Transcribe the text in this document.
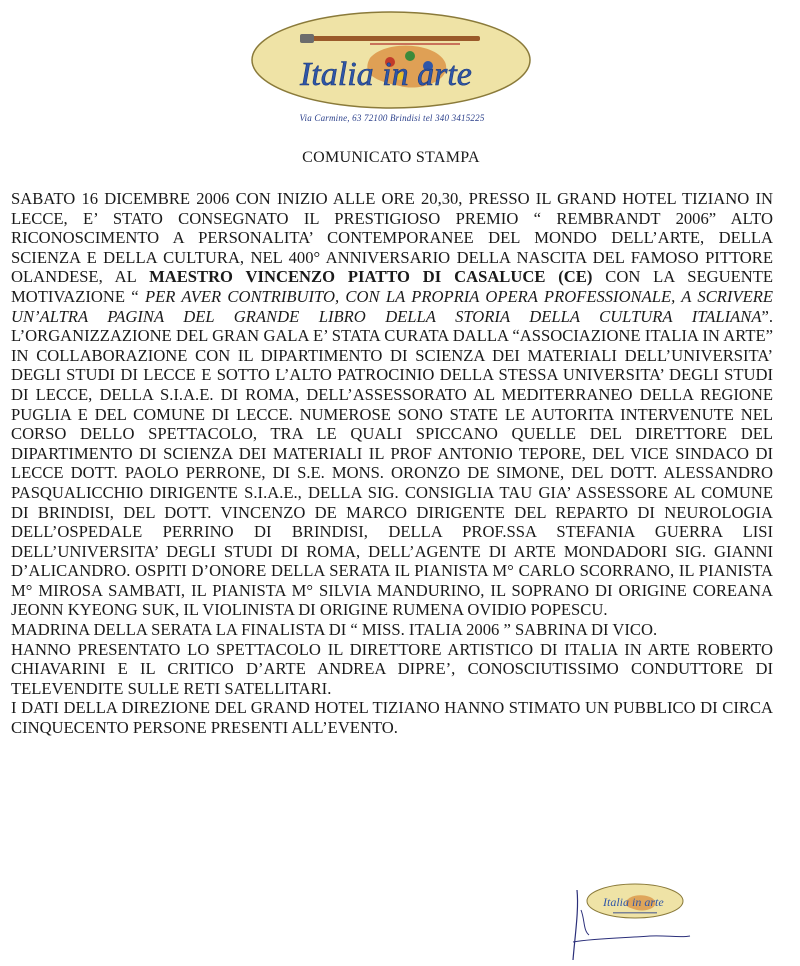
Italia in arte
Via Carmine, 63 72100 Brindisi tel 340 3415225
COMUNICATO STAMPA

SABATO 16 DICEMBRE 2006 CON INIZIO ALLE ORE 20,30, PRESSO IL GRAND HOTEL TIZIANO IN LECCE, E’ STATO CONSEGNATO IL PRESTIGIOSO PREMIO “ REMBRANDT 2006” ALTO RICONOSCIMENTO A PERSONALITA’ CONTEMPORANEE DEL MONDO DELL’ARTE, DELLA SCIENZA E DELLA CULTURA, NEL 400° ANNIVERSARIO DELLA NASCITA DEL FAMOSO PITTORE OLANDESE, AL MAESTRO VINCENZO PIATTO DI CASALUCE (CE) CON LA SEGUENTE MOTIVAZIONE “ PER AVER CONTRIBUITO, CON LA PROPRIA OPERA PROFESSIONALE, A SCRIVERE UN’ALTRA PAGINA DEL GRANDE LIBRO DELLA STORIA DELLA CULTURA ITALIANA”. L’ORGANIZZAZIONE DEL GRAN GALA E’ STATA CURATA DALLA “ASSOCIAZIONE ITALIA IN ARTE” IN COLLABORAZIONE CON IL DIPARTIMENTO DI SCIENZA DEI MATERIALI DELL’UNIVERSITA’ DEGLI STUDI DI LECCE E SOTTO L’ALTO PATROCINIO DELLA STESSA UNIVERSITA’ DEGLI STUDI DI LECCE, DELLA S.I.A.E. DI ROMA, DELL’ASSESSORATO AL MEDITERRANEO DELLA REGIONE PUGLIA E DEL COMUNE DI LECCE. NUMEROSE SONO STATE LE AUTORITA INTERVENUTE NEL CORSO DELLO SPETTACOLO, TRA LE QUALI SPICCANO QUELLE DEL DIRETTORE DEL DIPARTIMENTO DI SCIENZA DEI MATERIALI IL PROF ANTONIO TEPORE, DEL VICE SINDACO DI LECCE DOTT. PAOLO PERRONE, DI S.E. MONS. ORONZO DE SIMONE, DEL DOTT. ALESSANDRO PASQUALICCHIO DIRIGENTE S.I.A.E., DELLA SIG. CONSIGLIA TAU GIA’ ASSESSORE AL COMUNE DI BRINDISI, DEL DOTT. VINCENZO DE MARCO DIRIGENTE DEL REPARTO DI NEUROLOGIA DELL’OSPEDALE PERRINO DI BRINDISI, DELLA PROF.SSA STEFANIA GUERRA LISI DELL’UNIVERSITA’ DEGLI STUDI DI ROMA, DELL’AGENTE DI ARTE MONDADORI SIG. GIANNI D’ALICANDRO. OSPITI D’ONORE DELLA SERATA IL PIANISTA M° CARLO SCORRANO, IL PIANISTA M° MIROSA SAMBATI, IL PIANISTA M° SILVIA MANDURINO, IL SOPRANO DI ORIGINE COREANA JEONN KYEONG SUK, IL VIOLINISTA DI ORIGINE RUMENA OVIDIO POPESCU.

MADRINA DELLA SERATA LA FINALISTA DI “ MISS. ITALIA 2006 ” SABRINA DI VICO.

HANNO PRESENTATO LO SPETTACOLO IL DIRETTORE ARTISTICO DI ITALIA IN ARTE ROBERTO CHIAVARINI E IL CRITICO D’ARTE ANDREA DIPRE’, CONOSCIUTISSIMO CONDUTTORE DI TELEVENDITE SULLE RETI SATELLITARI.

I DATI DELLA DIREZIONE DEL GRAND HOTEL TIZIANO HANNO STIMATO UN PUBBLICO DI CIRCA CINQUECENTO PERSONE PRESENTI ALL’EVENTO.

Italia in arte
